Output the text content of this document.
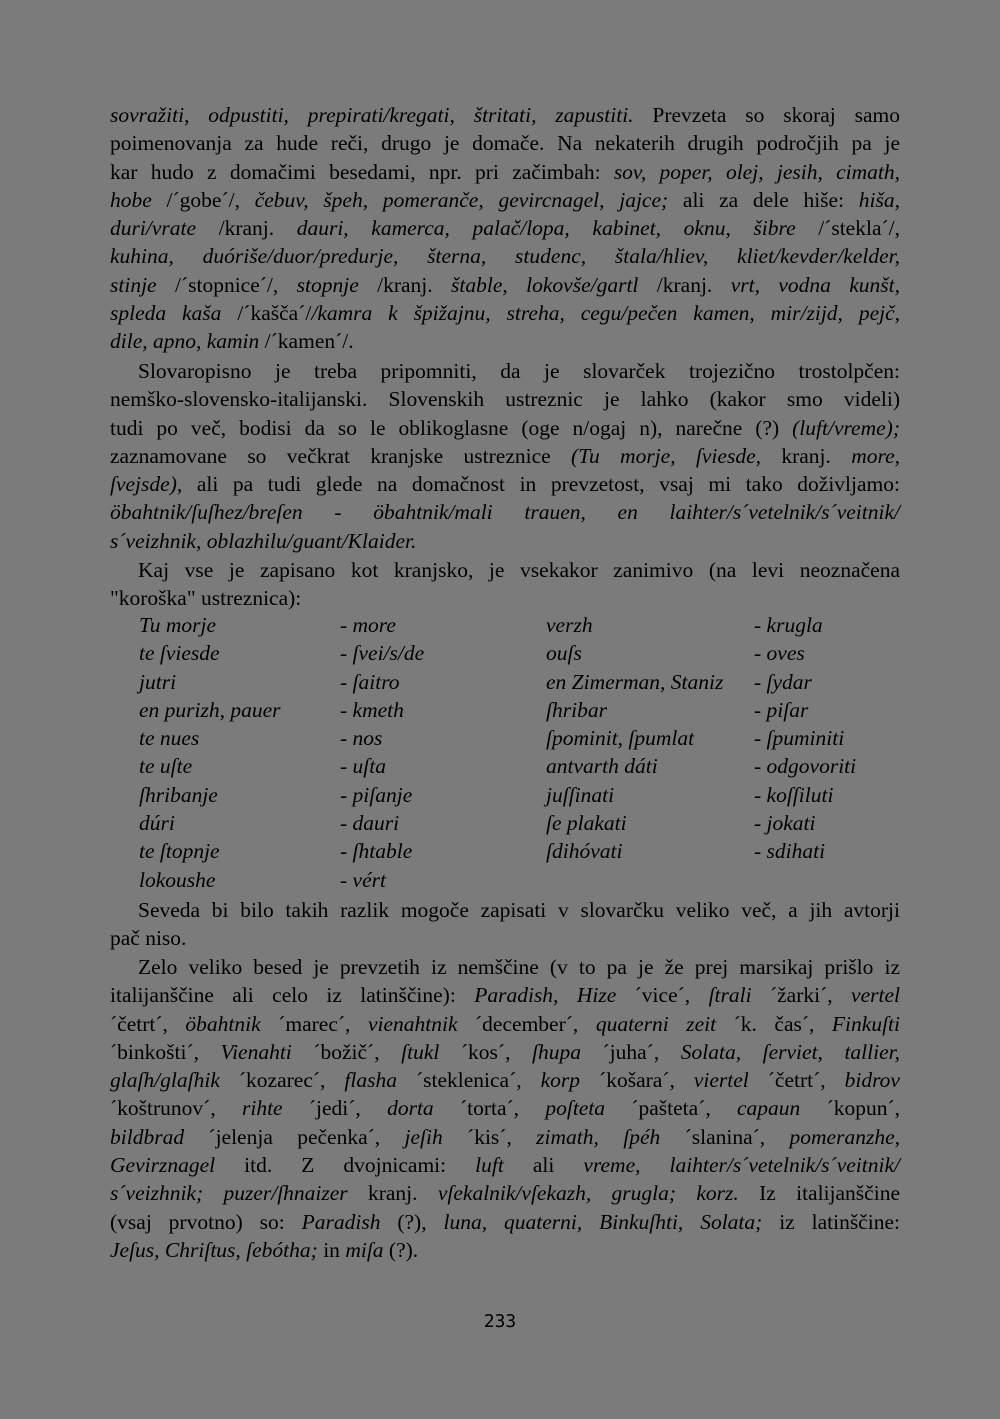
sovražiti, odpustiti, prepirati/kregati, štritati, zapustiti. Prevzeta so skoraj samo
poimenovanja za hude reči, drugo je domače. Na nekaterih drugih področjih pa je
kar hudo z domačimi besedami, npr. pri začimbah: sov, poper, olej, jesih, cimath,
hobe /´gobe´/, čebuv, špeh, pomeranče, gevircnagel, jajce; ali za dele hiše: hiša,
duri/vrate /kranj. dauri, kamerca, palač/lopa, kabinet, oknu, šibre /´stekla´/,
kuhina, duóriše/duor/predurje, šterna, studenc, štala/hliev, kliet/kevder/kelder,
stinje /´stopnice´/, stopnje /kranj. štable, lokovše/gartl /kranj. vrt, vodna kunšt,
spleda kaša /´kašča´//kamra k špižajnu, streha, cegu/pečen kamen, mir/zijd, pejč,
dile, apno, kamin /´kamen´/.
Slovaropisno je treba pripomniti, da je slovarček trojezično trostolpčen:
nemško-slovensko-italijanski. Slovenskih ustreznic je lahko (kakor smo videli)
tudi po več, bodisi da so le oblikoglasne (oge n/ogaj n), narečne (?) (luft/vreme);
zaznamovane so večkrat kranjske ustreznice (Tu morje, ſviesde, kranj. more,
ſvejsde), ali pa tudi glede na domačnost in prevzetost, vsaj mi tako doživljamo:
öbahtnik/ſuſhez/breſen - öbahtnik/mali trauen, en laihter/s´vetelnik/s´veitnik/
s´veizhnik, oblazhilu/guant/Klaider.
Kaj vse je zapisano kot kranjsko, je vsekakor zanimivo (na levi neoznačena
"koroška" ustreznica):
Tu morje	- more	verzh	- krugla
te ſviesde	- ſvei/s/de	ouſs	- oves
jutri	- ſaitro	en Zimerman, Staniz - ſydar
en purizh, pauer	- kmeth	ſhribar	- piſar
te nues	- nos	ſpominit, ſpumlat	- ſpuminiti
te uſte	- uſta	antvarth dáti	- odgovoriti
ſhribanje	- piſanje	juſſinati	- koſſiluti
dúri	- dauri	ſe plakati	- jokati
te ſtopnje	- ſhtable	ſdihóvati	- sdihati
lokoushe	- vért
Seveda bi bilo takih razlik mogoče zapisati v slovarčku veliko več, a jih avtorji
pač niso.
Zelo veliko besed je prevzetih iz nemščine (v to pa je že prej marsikaj prišlo iz
italijanščine ali celo iz latinščine): Paradish, Hize ´vice´, ſtrali ´žarki´, vertel
´četrt´, öbahtnik ´marec´, vienahtnik ´december´, quaterni zeit ´k. čas´, Finkuſti
´binkošti´, Vienahti ´božič´, ſtukl ´kos´, ſhupa ´juha´, Solata, ſerviet, tallier,
glaſh/glaſhik ´kozarec´, flasha ´steklenica´, korp ´košara´, viertel ´četrt´, bidrov
´koštrunov´, rihte ´jedi´, dorta ´torta´, poſteta ´pašteta´, capaun ´kopun´,
bildbrad ´jelenja pečenka´, jeſih ´kis´, zimath, ſpéh ´slanina´, pomeranzhe,
Gevirznagel itd. Z dvojnicami: luft ali vreme, laihter/s´vetelnik/s´veitnik/
s´veizhnik; puzer/ſhnaizer kranj. vſekalnik/vſekazh, grugla; korz. Iz italijanščine
(vsaj prvotno) so: Paradish (?), luna, quaterni, Binkuſhti, Solata; iz latinščine:
Jeſus, Chriſtus, ſebótha; in miſa (?).
233
